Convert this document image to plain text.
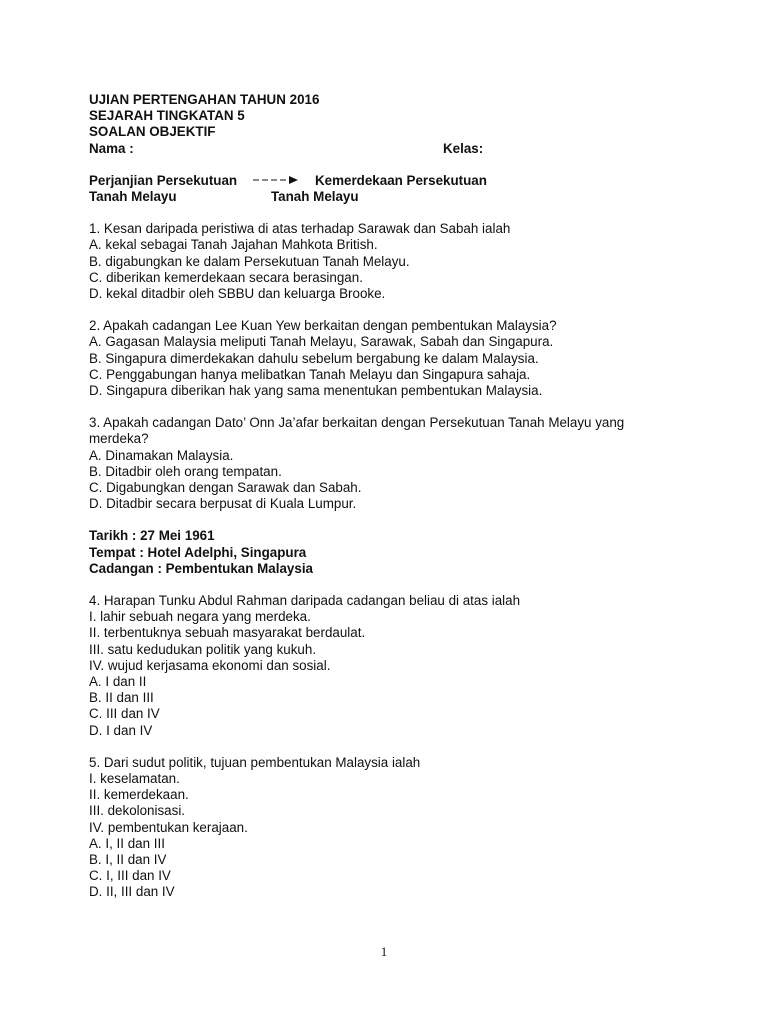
UJIAN PERTENGAHAN TAHUN 2016
SEJARAH TINGKATAN 5
SOALAN OBJEKTIF
Nama :	Kelas:
Perjanjian Persekutuan	Kemerdekaan Persekutuan
Tanah Melayu	Tanah Melayu
1. Kesan daripada peristiwa di atas terhadap Sarawak dan Sabah ialah
A. kekal sebagai Tanah Jajahan Mahkota British.
B. digabungkan ke dalam Persekutuan Tanah Melayu.
C. diberikan kemerdekaan secara berasingan.
D. kekal ditadbir oleh SBBU dan keluarga Brooke.
2. Apakah cadangan Lee Kuan Yew berkaitan dengan pembentukan Malaysia?
A. Gagasan Malaysia meliputi Tanah Melayu, Sarawak, Sabah dan Singapura.
B. Singapura dimerdekakan dahulu sebelum bergabung ke dalam Malaysia.
C. Penggabungan hanya melibatkan Tanah Melayu dan Singapura sahaja.
D. Singapura diberikan hak yang sama menentukan pembentukan Malaysia.
3. Apakah cadangan Dato’ Onn Ja’afar berkaitan dengan Persekutuan Tanah Melayu yang
merdeka?
A. Dinamakan Malaysia.
B. Ditadbir oleh orang tempatan.
C. Digabungkan dengan Sarawak dan Sabah.
D. Ditadbir secara berpusat di Kuala Lumpur.
Tarikh : 27 Mei 1961
Tempat : Hotel Adelphi, Singapura
Cadangan : Pembentukan Malaysia
4. Harapan Tunku Abdul Rahman daripada cadangan beliau di atas ialah
I. lahir sebuah negara yang merdeka.
II. terbentuknya sebuah masyarakat berdaulat.
III. satu kedudukan politik yang kukuh.
IV. wujud kerjasama ekonomi dan sosial.
A. I dan II
B. II dan III
C. III dan IV
D. I dan IV
5. Dari sudut politik, tujuan pembentukan Malaysia ialah
I. keselamatan.
II. kemerdekaan.
III. dekolonisasi.
IV. pembentukan kerajaan.
A. I, II dan III
B. I, II dan IV
C. I, III dan IV
D. II, III dan IV
1
